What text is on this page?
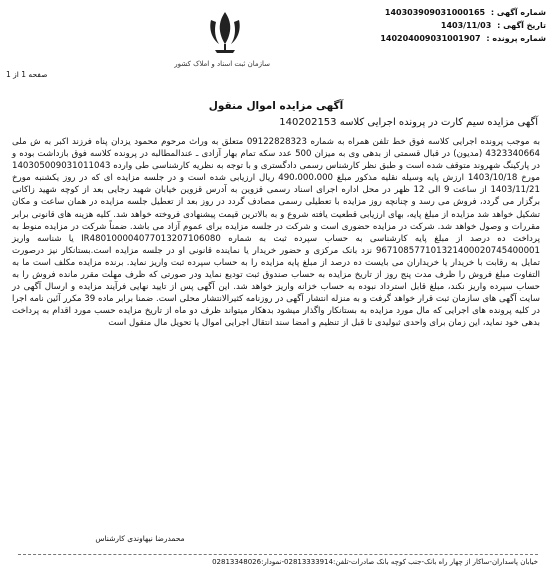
شماره آگهی : 140303909031000165
تاریخ آگهی : 1403/11/03
شماره پرونده : 140204009031001907
سازمان ثبت اسناد و املاک کشور
صفحه 1 از 1
آگهی مزایده اموال منقول
آگهی مزایده سیم کارت در پرونده اجرایی کلاسه 140202153

به موجب پرونده اجرایی کلاسه فوق خط تلفن همراه به شماره 09122828323 متعلق به وراث مرحوم محمود یزدان پناه فرزند اکبر به ش ملی 4323340664 (مدیون) در قبال قسمتی از بدهی وی به میزان 500 عدد سکه تمام بهار آزادی ـ عندالمطالبه در پرونده کلاسه فوق بازداشت بوده و در پارکینگ شهروند متوقف شده است و طبق نظر کارشناس رسمی دادگستری و با توجه به نظریه کارشناسی طی وارده 140305009031011043 مورخ 1403/10/18 ارزش پایه وسیله نقلیه مذکور مبلغ 490،000،000 ریال ارزیابی شده است و در جلسه مزایده ای که در روز یکشنبه مورخ 1403/11/21 از ساعت 9 الی 12 ظهر در محل اداره اجرای اسناد رسمی قزوین به آدرس قزوین خیابان شهید رجایی بعد از کوچه شهید زاکانی برگزار می گردد، فروش می رسد و چنانچه روز مزایده با تعطیلی رسمی مصادف گردد در روز بعد از تعطیل جلسه مزایده در همان ساعت و مکان تشکیل خواهد شد مزایده از مبلغ پایه، بهای ارزیابی قطعیت یافته شروع و به بالاترین قیمت پیشنهادی فروخته خواهد شد. کلیه هزینه های قانونی برابر مقررات و وصول خواهد شد. شرکت در مزایده حضوری است و شرکت در جلسه مزایده برای عموم آزاد می باشد. ضمناً شرکت در مزایده منوط به پرداخت ده درصد از مبلغ پایه کارشناسی به حساب سپرده ثبت به شماره IR480100004077013207106080 یا شناسه واریز 967108577101321400020745400001 نزد بانک مرکزی و حضور خریدار یا نماینده قانونی او در جلسه مزایده است.بستانکار نیز درصورت تمایل به رقابت با خریدار یا خریداران می بایست ده درصد از مبلغ پایه مزایده را به حساب سپرده ثبت واریز نماید. برنده مزایده مکلف است ما به التفاوت مبلغ فروش را ظرف مدت پنج روز از تاریخ مزایده به حساب صندوق ثبت تودیع نماید ودر صورتی که ظرف مهلت مقرر مانده فروش را به حساب سپرده واریز نکند، مبلغ قابل استرداد نبوده به حساب خزانه واریز خواهد شد. این آگهی پس از تایید نهایی فرآیند مزایده و ارسال آگهی در سایت آگهی های سازمان ثبت قرار خواهد گرفت و به منزله انتشار آگهی در روزنامه کثیرالانتشار محلی است. ضمنا برابر ماده 39 مکرر آئین نامه اجرا در کلیه پرونده های اجرایی که مال مورد مزایده به بستانکار واگذار میشود بدهکار میتواند ظرف دو ماه از تاریخ مزایده حسب مورد اقدام به پرداخت بدهی خود نماید، این زمان برای واحدی ثبولیدی تا قبل از تنظیم و امضا سند انتقال اجرایی اموال یا تحویل مال منقول است

محمدرضا نیهاوندی کارشناس
خیابان پاسداران-ساکار از چهار راه بانک-جنب کوچه بانک صادرات-تلفن:02813333914-نمودار:02813348026
